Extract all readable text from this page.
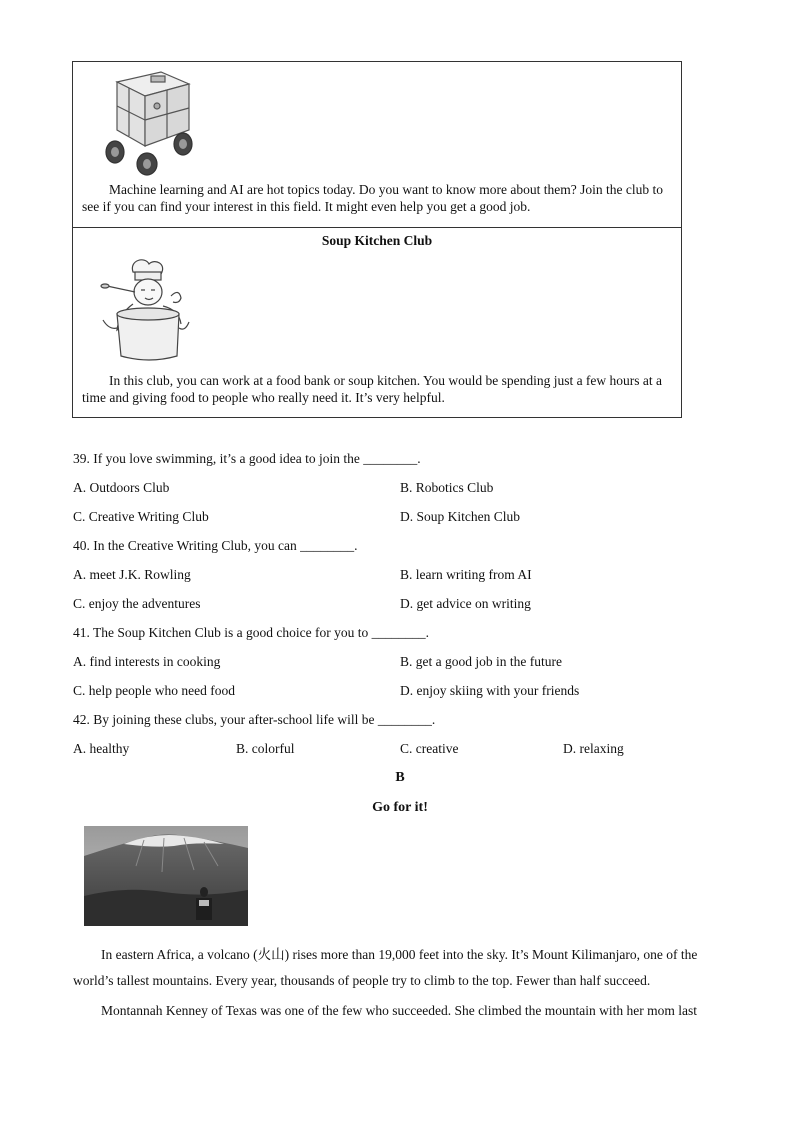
Machine learning and AI are hot topics today. Do you want to know more about them? Join the club to see if you can find your interest in this field. It might even help you get a good job.
Soup Kitchen Club
In this club, you can work at a food bank or soup kitchen. You would be spending just a few hours at a time and giving food to people who really need it. It’s very helpful.
39. If you love swimming, it’s a good idea to join the ________.
A. Outdoors Club	B. Robotics Club
C. Creative Writing Club	D. Soup Kitchen Club
40. In the Creative Writing Club, you can ________.
A. meet J.K. Rowling	B. learn writing from AI
C. enjoy the adventures	D. get advice on writing
41. The Soup Kitchen Club is a good choice for you to ________.
A. find interests in cooking	B. get a good job in the future
C. help people who need food	D. enjoy skiing with your friends
42. By joining these clubs, your after-school life will be ________.
A. healthy	B. colorful	C. creative	D. relaxing
B
Go for it!
In eastern Africa, a volcano (火山) rises more than 19,000 feet into the sky. It’s Mount Kilimanjaro, one of the
world’s tallest mountains. Every year, thousands of people try to climb to the top. Fewer than half succeed.
Montannah Kenney of Texas was one of the few who succeeded. She climbed the mountain with her mom last
